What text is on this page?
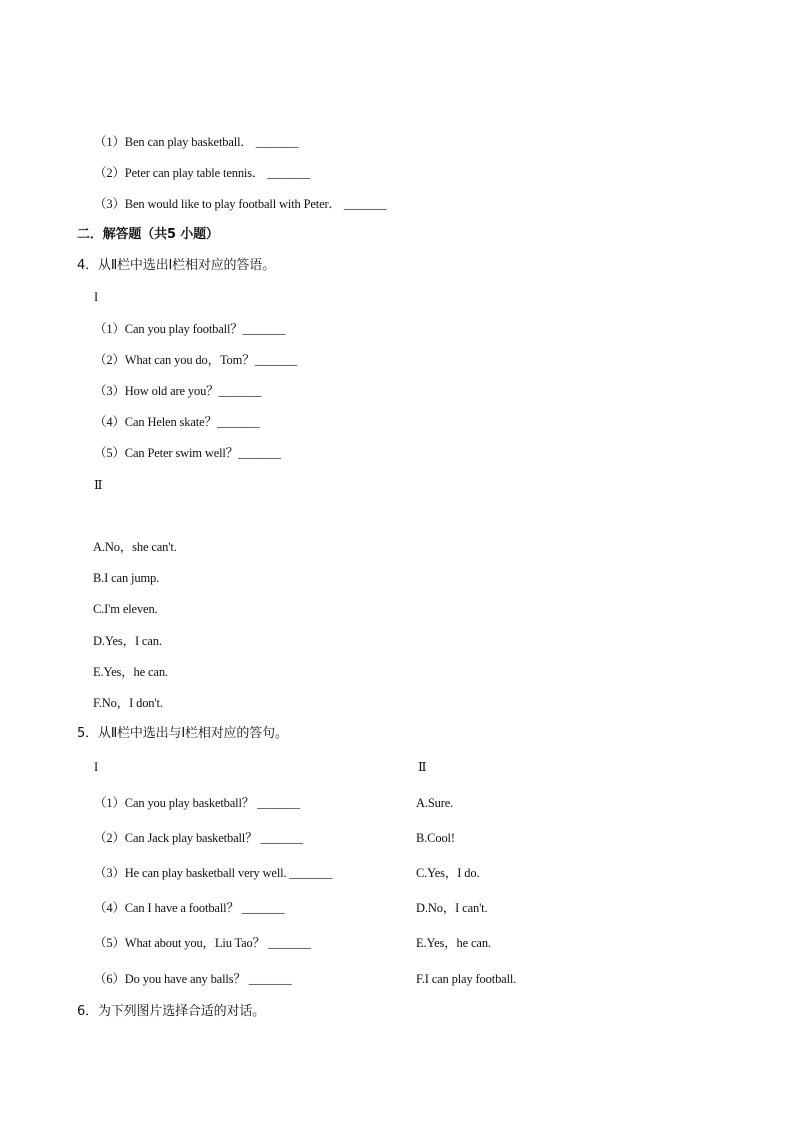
（1）Ben can play basketball． _______
（2）Peter can play table tennis． _______
（3）Ben would like to play football with Peter． _______
二．解答题（共5 小题）
4．从Ⅱ栏中选出Ⅰ栏相对应的答语。
I
（1）Can you play football？_______
（2）What can you do，Tom？_______
（3）How old are you？_______
（4）Can Helen skate？_______
（5）Can Peter swim well？_______
Ⅱ
A.No，she can't.
B.I can jump.
C.I'm eleven.
D.Yes，I can.
E.Yes，he can.
F.No，I don't.
5．从Ⅱ栏中选出与Ⅰ栏相对应的答句。
I	Ⅱ
（1）Can you play basketball？ _______
（2）Can Jack play basketball？ _______
（3）He can play basketball very well. _______
（4）Can I have a football？ _______
（5）What about you，Liu Tao？ _______
（6）Do you have any balls？ _______
A.Sure.
B.Cool!
C.Yes，I do.
D.No，I can't.
E.Yes，he can.
F.I can play football.
6．为下列图片选择合适的对话。
